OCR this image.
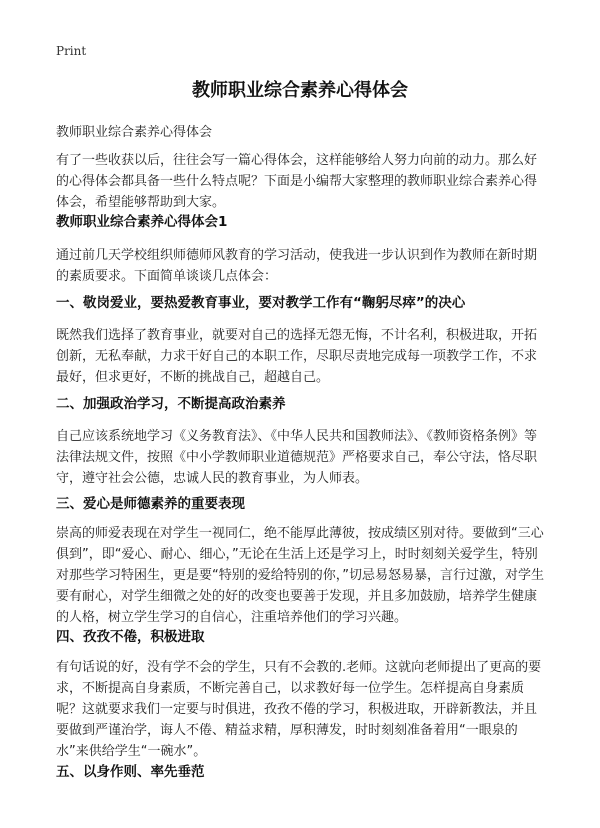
Print
教师职业综合素养心得体会

教师职业综合素养心得体会

有了一些收获以后，往往会写一篇心得体会，这样能够给人努力向前的动力。那么好的心得体会都具备一些什么特点呢？下面是小编帮大家整理的教师职业综合素养心得体会，希望能够帮助到大家。

教师职业综合素养心得体会1

通过前几天学校组织师德师风教育的学习活动，使我进一步认识到作为教师在新时期的素质要求。下面简单谈谈几点体会：

一、敬岗爱业，要热爱教育事业，要对教学工作有“鞠躬尽瘁”的决心

既然我们选择了教育事业，就要对自己的选择无怨无悔，不计名利，积极进取，开拓创新，无私奉献，力求干好自己的本职工作，尽职尽责地完成每一项教学工作，不求最好，但求更好，不断的挑战自己，超越自己。

二、加强政治学习，不断提高政治素养

自己应该系统地学习《义务教育法》、《中华人民共和国教师法》、《教师资格条例》等法律法规文件，按照《中小学教师职业道德规范》严格要求自己，奉公守法，恪尽职守，遵守社会公德，忠诚人民的教育事业，为人师表。

三、爱心是师德素养的重要表现

崇高的师爱表现在对学生一视同仁，绝不能厚此薄彼，按成绩区别对待。要做到“三心俱到”，即“爱心、耐心、细心，”无论在生活上还是学习上，时时刻刻关爱学生，特别对那些学习特困生，更是要“特别的爱给特别的你，”切忌易怒易暴，言行过激，对学生要有耐心，对学生细微之处的好的改变也要善于发现，并且多加鼓励，培养学生健康的人格，树立学生学习的自信心，注重培养他们的学习兴趣。

四、孜孜不倦，积极进取

有句话说的好，没有学不会的学生，只有不会教的.老师。这就向老师提出了更高的要求，不断提高自身素质，不断完善自己，以求教好每一位学生。怎样提高自身素质呢？这就要求我们一定要与时俱进，孜孜不倦的学习，积极进取，开辟新教法，并且要做到严谨治学，诲人不倦、精益求精，厚积薄发，时时刻刻准备着用“一眼泉的水”来供给学生“一碗水”。

五、以身作则、率先垂范
